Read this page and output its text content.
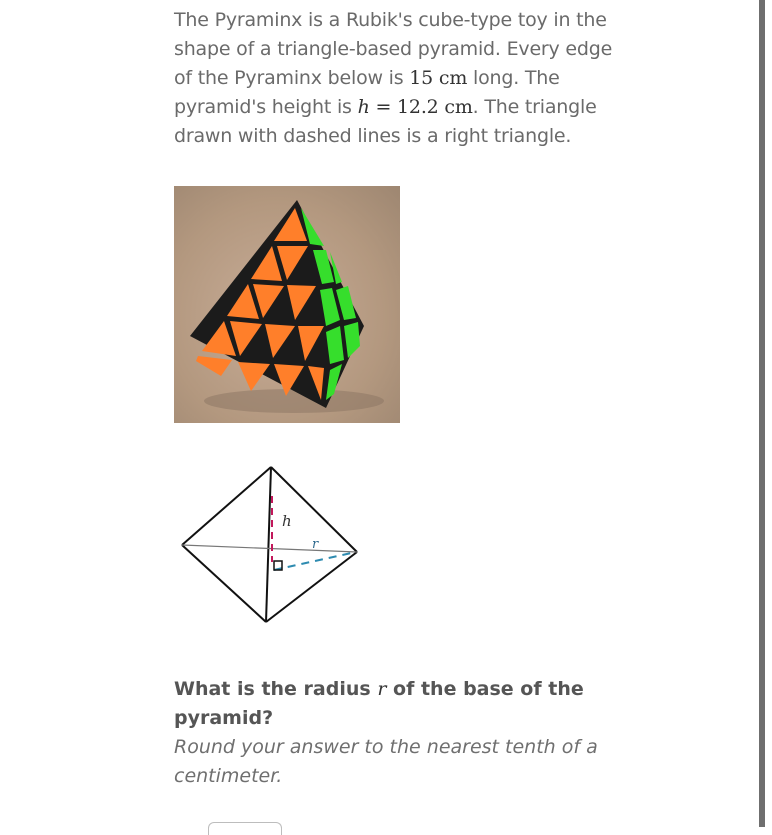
The Pyraminx is a Rubik's cube-type toy in the shape of a triangle-based pyramid. Every edge of the Pyraminx below is 15 cm long. The pyramid's height is h = 12.2 cm. The triangle drawn with dashed lines is a right triangle.

h
r

What is the radius r of the base of the pyramid?

Round your answer to the nearest tenth of a centimeter.
